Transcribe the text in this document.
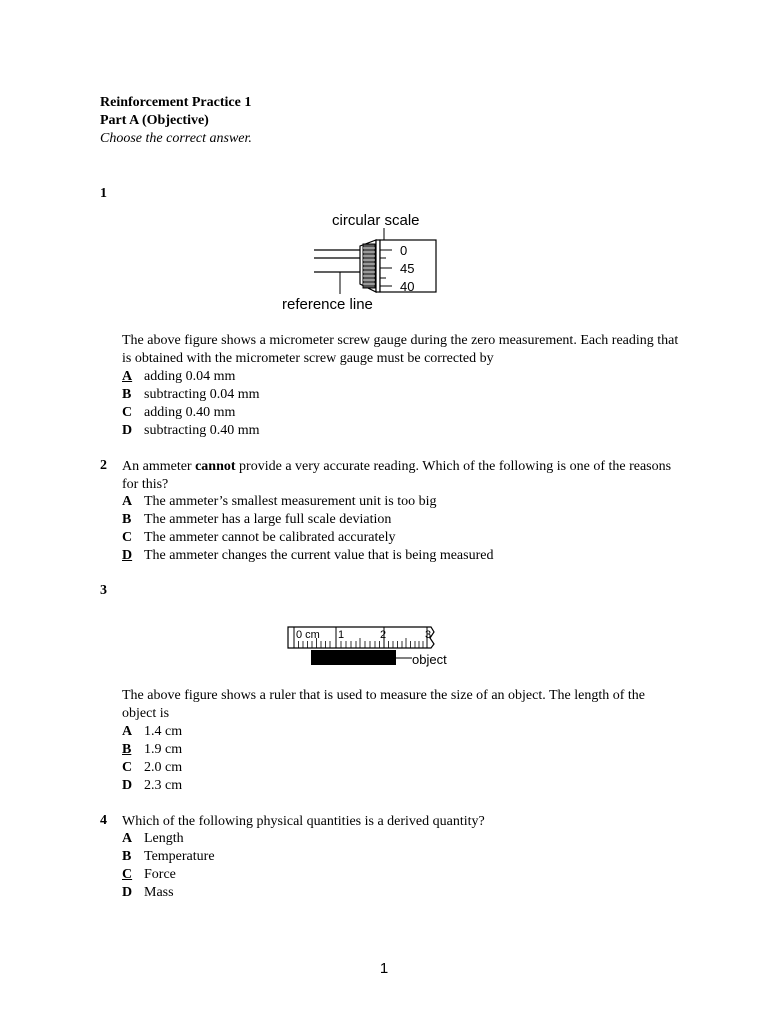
Reinforcement Practice 1
Part A (Objective)
Choose the correct answer.
1
circular scale
0
45
40
reference line
The above figure shows a micrometer screw gauge during the zero measurement. Each reading that is obtained with the micrometer screw gauge must be corrected by
A adding 0.04 mm
B subtracting 0.04 mm
C adding 0.40 mm
D subtracting 0.40 mm
2 An ammeter cannot provide a very accurate reading. Which of the following is one of the reasons for this?
A The ammeter’s smallest measurement unit is too big
B The ammeter has a large full scale deviation
C The ammeter cannot be calibrated accurately
D The ammeter changes the current value that is being measured
3
0 cm 1	2	3
object
The above figure shows a ruler that is used to measure the size of an object. The length of the object is
A 1.4 cm
B 1.9 cm
C 2.0 cm
D 2.3 cm
4 Which of the following physical quantities is a derived quantity?
A Length
B Temperature
C Force
D Mass
1
